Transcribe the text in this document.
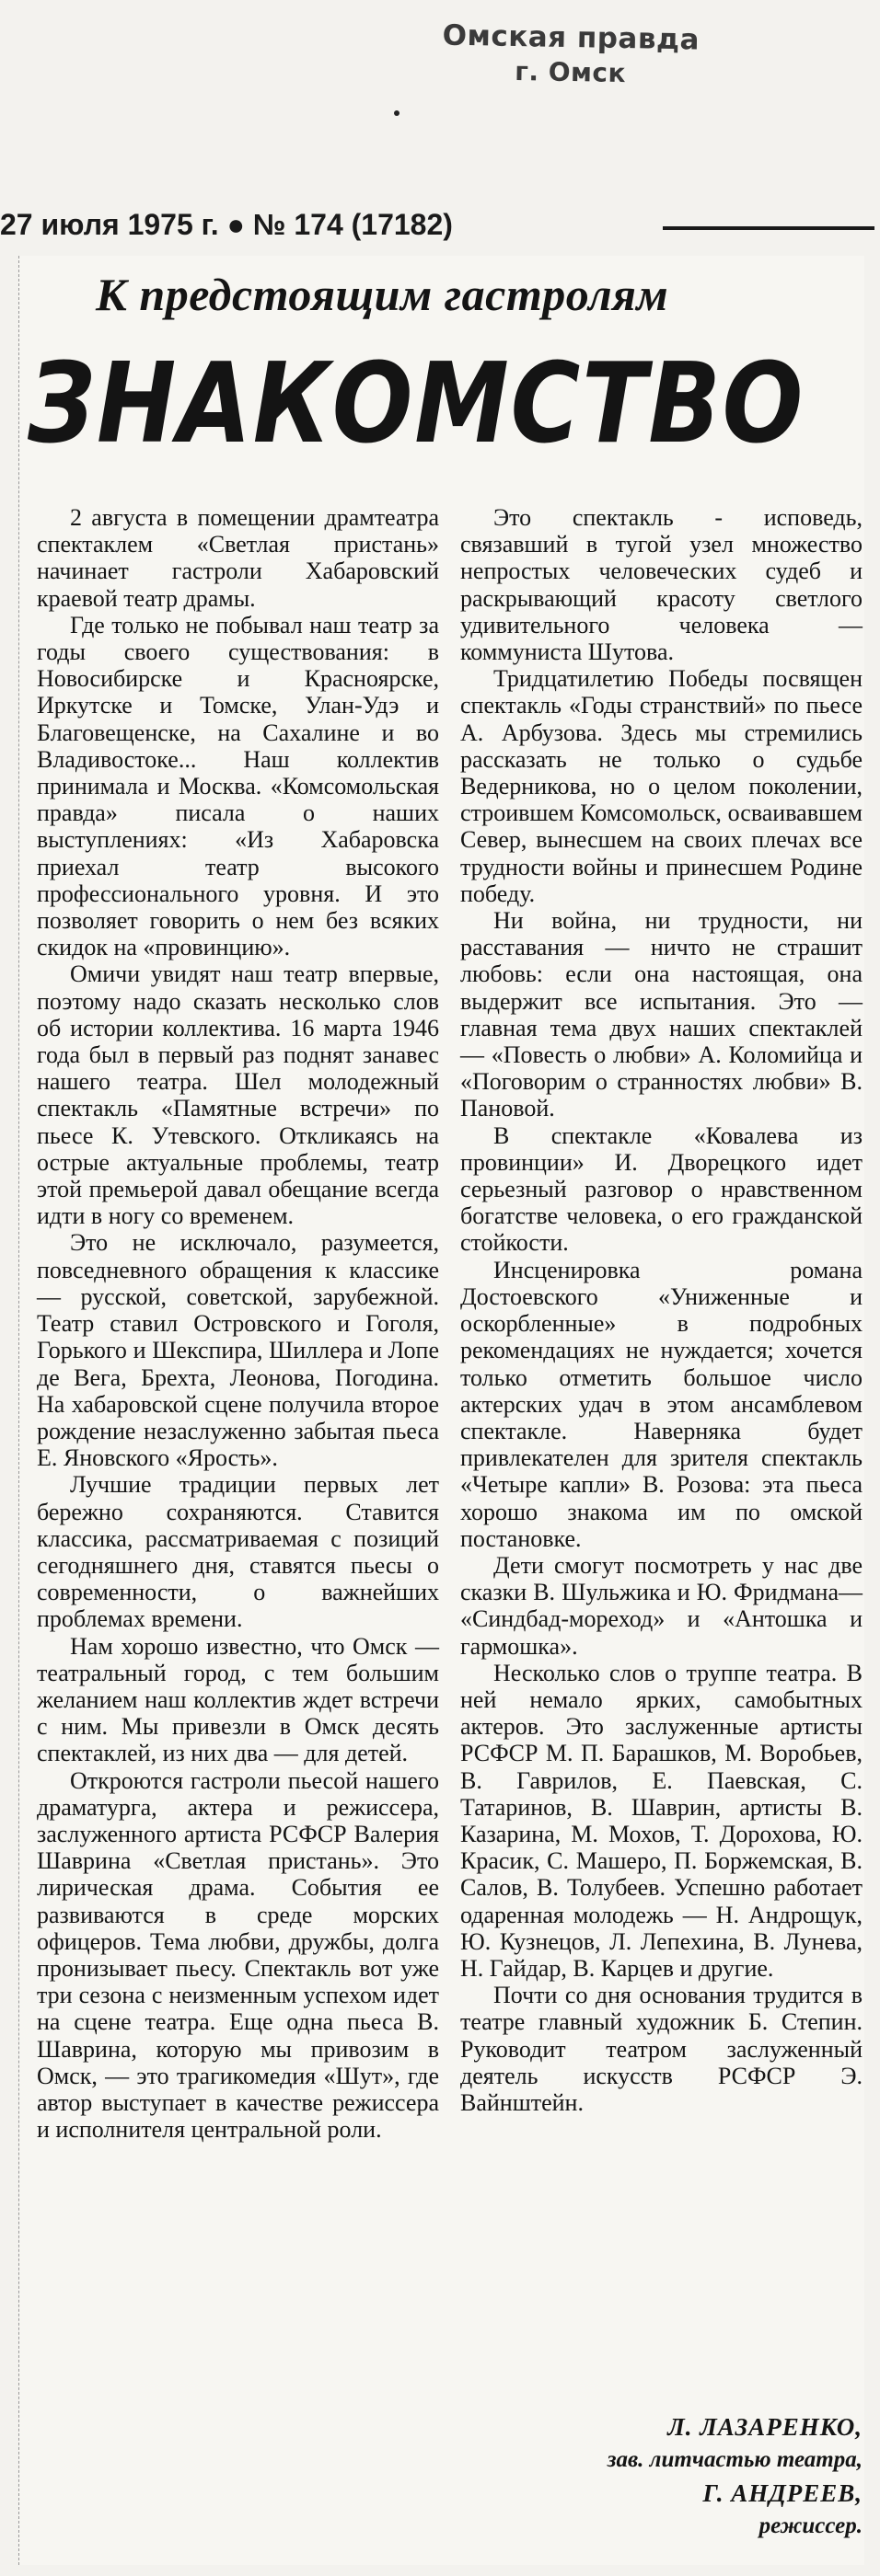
Омская правда
г. Омск
27 июля 1975 г. ● № 174 (17182)
К предстоящим гастролям
ЗНАКОМСТВО

2 августа в помещении драмтеатра спектаклем «Светлая пристань» начинает гастроли Хабаровский краевой театр драмы.

Где только не побывал наш театр за годы своего существования: в Новосибирске и Красноярске, Иркутске и Томске, Улан-Удэ и Благовещенске, на Сахалине и во Владивостоке... Наш коллектив принимала и Москва. «Комсомольская правда» писала о наших выступлениях: «Из Хабаровска приехал театр высокого профессионального уровня. И это позволяет говорить о нем без всяких скидок на «провинцию».

Омичи увидят наш театр впервые, поэтому надо сказать несколько слов об истории коллектива. 16 марта 1946 года был в первый раз поднят занавес нашего театра. Шел молодежный спектакль «Памятные встречи» по пьесе К. Утевского. Откликаясь на острые актуальные проблемы, театр этой премьерой давал обещание всегда идти в ногу со временем.

Это не исключало, разумеется, повседневного обращения к классике — русской, советской, зарубежной. Театр ставил Островского и Гоголя, Горького и Шекспира, Шиллера и Лопе де Вега, Брехта, Леонова, Погодина. На хабаровской сцене получила второе рождение незаслуженно забытая пьеса Е. Яновского «Ярость».

Лучшие традиции первых лет бережно сохраняются. Ставится классика, рассматриваемая с позиций сегодняшнего дня, ставятся пьесы о современности, о важнейших проблемах времени.

Нам хорошо известно, что Омск — театральный город, с тем большим желанием наш коллектив ждет встречи с ним. Мы привезли в Омск десять спектаклей, из них два — для детей.

Откроются гастроли пьесой нашего драматурга, актера и режиссера, заслуженного артиста РСФСР Валерия Шаврина «Светлая пристань». Это лирическая драма. События ее развиваются в среде морских офицеров. Тема любви, дружбы, долга пронизывает пьесу. Спектакль вот уже три сезона с неизменным успехом идет на сцене театра. Еще одна пьеса В. Шаврина, которую мы привозим в Омск, — это трагикомедия «Шут», где автор выступает в качестве режиссера и исполнителя центральной роли.

Это спектакль - исповедь, связавший в тугой узел множество непростых человеческих судеб и раскрывающий красоту светлого удивительного человека — коммуниста Шутова.

Тридцатилетию Победы посвящен спектакль «Годы странствий» по пьесе А. Арбузова. Здесь мы стремились рассказать не только о судьбе Ведерникова, но о целом поколении, строившем Комсомольск, осваивавшем Север, вынесшем на своих плечах все трудности войны и принесшем Родине победу.

Ни война, ни трудности, ни расставания — ничто не страшит любовь: если она настоящая, она выдержит все испытания. Это — главная тема двух наших спектаклей — «Повесть о любви» А. Коломийца и «Поговорим о странностях любви» В. Пановой.

В спектакле «Ковалева из провинции» И. Дворецкого идет серьезный разговор о нравственном богатстве человека, о его гражданской стойкости.

Инсценировка романа Достоевского «Униженные и оскорбленные» в подробных рекомендациях не нуждается; хочется только отметить большое число актерских удач в этом ансамблевом спектакле. Наверняка будет привлекателен для зрителя спектакль «Четыре капли» В. Розова: эта пьеса хорошо знакома им по омской постановке.

Дети смогут посмотреть у нас две сказки В. Шульжика и Ю. Фридмана— «Синдбад-мореход» и «Антошка и гармошка».

Несколько слов о труппе театра. В ней немало ярких, самобытных актеров. Это заслуженные артисты РСФСР М. П. Барашков, М. Воробьев, В. Гаврилов, Е. Паевская, С. Татаринов, В. Шаврин, артисты В. Казарина, М. Мохов, Т. Дорохова, Ю. Красик, С. Машеро, П. Боржемская, В. Салов, В. Толубеев. Успешно работает одаренная молодежь — Н. Андрощук, Ю. Кузнецов, Л. Лепехина, В. Лунева, Н. Гайдар, В. Карцев и другие.

Почти со дня основания трудится в театре главный художник Б. Степин. Руководит театром заслуженный деятель искусств РСФСР Э. Вайнштейн.

Л. ЛАЗАРЕНКО,
зав. литчастью театра,
Г. АНДРЕЕВ,
режиссер.
